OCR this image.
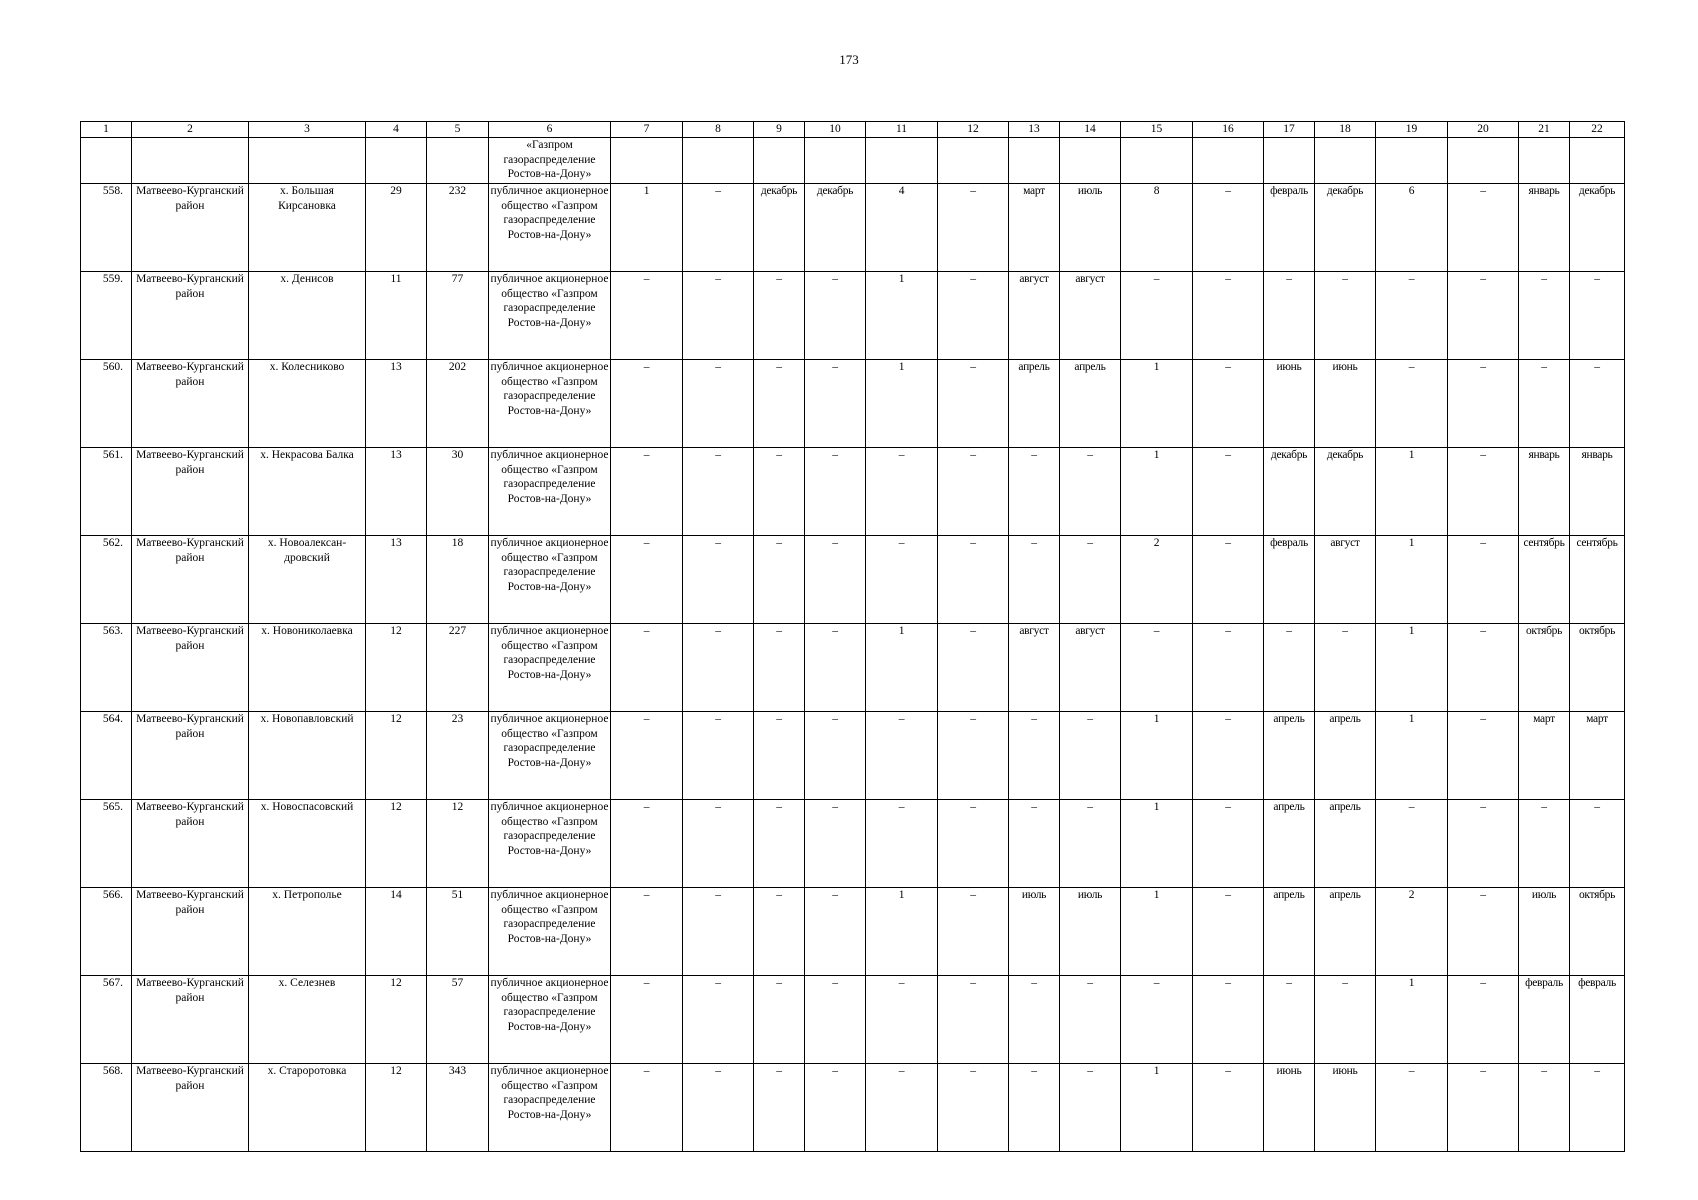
173
1	2	3	4	5	6	7	8	9	10	11	12	13	14	15	16	17	18	19	20	21	22
					«Газпром газораспределение Ростов-на-Дону»																
558.	Матвеево-Курганский район	х. Большая Кирсановка	29	232	публичное акционерное общество «Газпром газораспределение Ростов-на-Дону»	1	–	декабрь	декабрь	4	–	март	июль	8	–	февраль	декабрь	6	–	январь	декабрь
559.	Матвеево-Курганский район	х. Денисов	11	77	публичное акционерное общество «Газпром газораспределение Ростов-на-Дону»	–	–	–	–	1	–	август	август	–	–	–	–	–	–	–	–
560.	Матвеево-Курганский район	х. Колесниково	13	202	публичное акционерное общество «Газпром газораспределение Ростов-на-Дону»	–	–	–	–	1	–	апрель	апрель	1	–	июнь	июнь	–	–	–	–
561.	Матвеево-Курганский район	х. Некрасова Балка	13	30	публичное акционерное общество «Газпром газораспределение Ростов-на-Дону»	–	–	–	–	–	–	–	–	1	–	декабрь	декабрь	1	–	январь	январь
562.	Матвеево-Курганский район	х. Новоалексан-дровский	13	18	публичное акционерное общество «Газпром газораспределение Ростов-на-Дону»	–	–	–	–	–	–	–	–	2	–	февраль	август	1	–	сентябрь	сентябрь
563.	Матвеево-Курганский район	х. Новониколаевка	12	227	публичное акционерное общество «Газпром газораспределение Ростов-на-Дону»	–	–	–	–	1	–	август	август	–	–	–	–	1	–	октябрь	октябрь
564.	Матвеево-Курганский район	х. Новопавловский	12	23	публичное акционерное общество «Газпром газораспределение Ростов-на-Дону»	–	–	–	–	–	–	–	–	1	–	апрель	апрель	1	–	март	март
565.	Матвеево-Курганский район	х. Новоспасовский	12	12	публичное акционерное общество «Газпром газораспределение Ростов-на-Дону»	–	–	–	–	–	–	–	–	1	–	апрель	апрель	–	–	–	–
566.	Матвеево-Курганский район	х. Петрополье	14	51	публичное акционерное общество «Газпром газораспределение Ростов-на-Дону»	–	–	–	–	1	–	июль	июль	1	–	апрель	апрель	2	–	июль	октябрь
567.	Матвеево-Курганский район	х. Селезнев	12	57	публичное акционерное общество «Газпром газораспределение Ростов-на-Дону»	–	–	–	–	–	–	–	–	–	–	–	–	1	–	февраль	февраль
568.	Матвеево-Курганский район	х. Староротовка	12	343	публичное акционерное общество «Газпром газораспределение Ростов-на-Дону»	–	–	–	–	–	–	–	–	1	–	июнь	июнь	–	–	–	–
